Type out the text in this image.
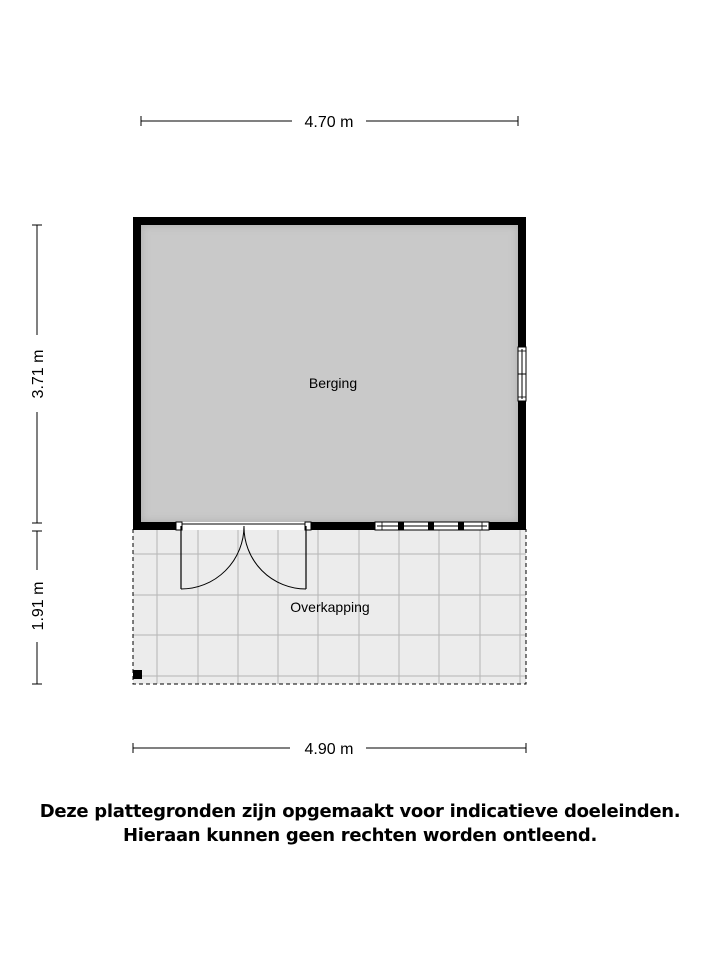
4.70 m
3.71 m
1.91 m
4.90 m
Overkapping
Berging
Deze plattegronden zijn opgemaakt voor indicatieve doeleinden.
Hieraan kunnen geen rechten worden ontleend.
